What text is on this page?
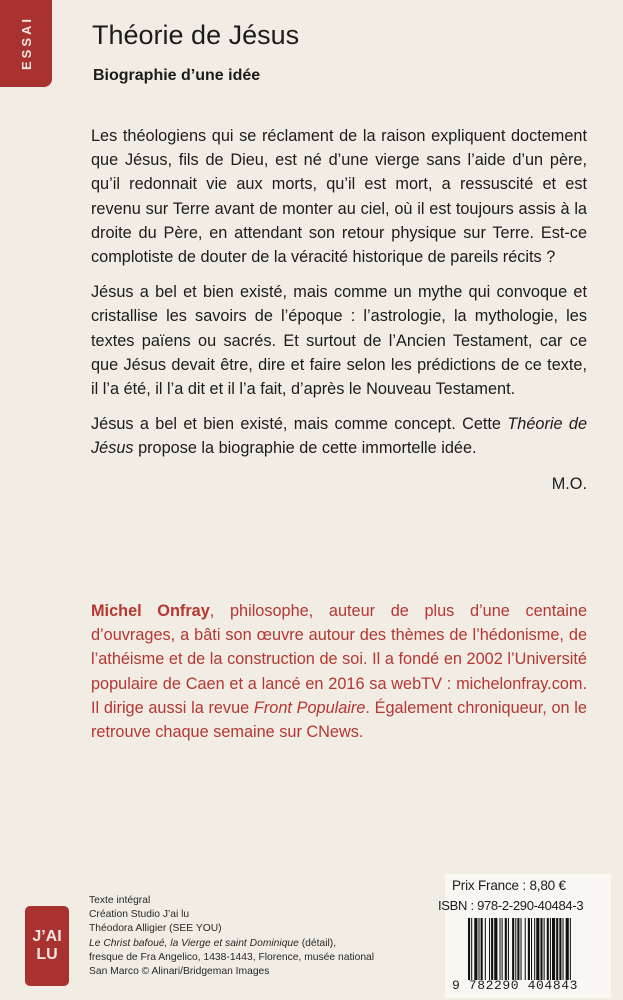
ESSAI Théorie de Jésus
Biographie d’une idée

Les théologiens qui se réclament de la raison expliquent doctement que Jésus, fils de Dieu, est né d’une vierge sans l’aide d’un père, qu’il redonnait vie aux morts, qu’il est mort, a ressuscité et est revenu sur Terre avant de monter au ciel, où il est toujours assis à la droite du Père, en attendant son retour physique sur Terre. Est-ce complotiste de douter de la véracité historique de pareils récits ?

Jésus a bel et bien existé, mais comme un mythe qui convoque et cristallise les savoirs de l’époque : l’astrologie, la mythologie, les textes païens ou sacrés. Et surtout de l’Ancien Testament, car ce que Jésus devait être, dire et faire selon les prédictions de ce texte, il l’a été, il l’a dit et il l’a fait, d’après le Nouveau Testament.

Jésus a bel et bien existé, mais comme concept. Cette Théorie de Jésus propose la biographie de cette immortelle idée.

M.O.

Michel Onfray, philosophe, auteur de plus d’une centaine d’ouvrages, a bâti son œuvre autour des thèmes de l’hédonisme, de l’athéisme et de la construction de soi. Il a fondé en 2002 l’Université populaire de Caen et a lancé en 2016 sa webTV : michelonfray.com. Il dirige aussi la revue Front Populaire. Également chroniqueur, on le retrouve chaque semaine sur CNews.

J’AI
LU
Texte intégral
Création Studio J’ai lu
Théodora Alligier (SEE YOU)
Le Christ bafoué, la Vierge et saint Dominique (détail),
fresque de Fra Angelico, 1438-1443, Florence, musée national
San Marco © Alinari/Bridgeman Images
Prix France : 8,80 €
ISBN : 978-2-290-40484-3
9 782290 404843
